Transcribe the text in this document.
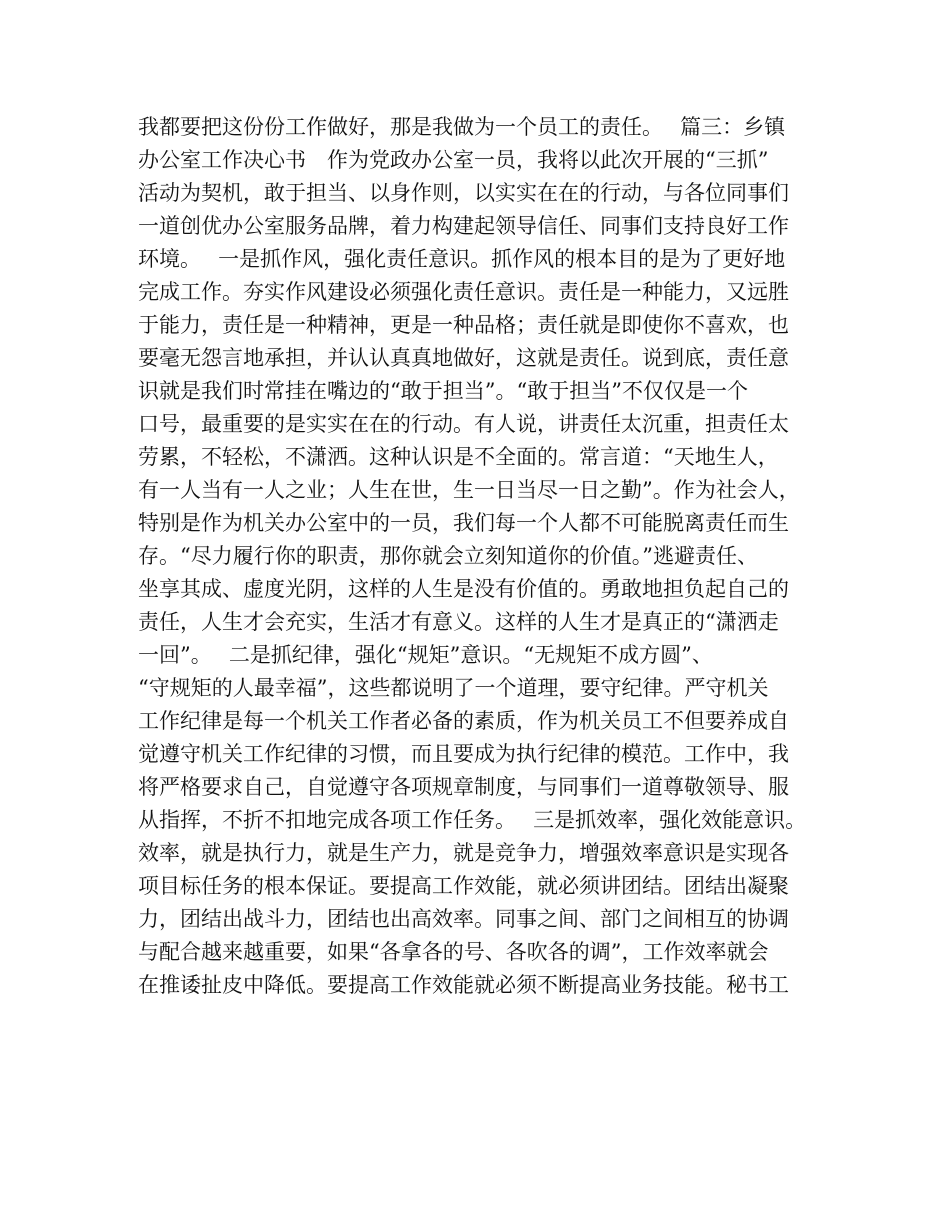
我都要把这份份工作做好，那是我做为一个员工的责任。　 篇三：乡镇
办公室工作决心书　作为党政办公室一员，我将以此次开展的“三抓”
活动为契机，敢于担当、以身作则，以实实在在的行动，与各位同事们
一道创优办公室服务品牌，着力构建起领导信任、同事们支持良好工作
环境。　 一是抓作风，强化责任意识。抓作风的根本目的是为了更好地
完成工作。夯实作风建设必须强化责任意识。责任是一种能力，又远胜
于能力，责任是一种精神，更是一种品格；责任就是即使你不喜欢，也
要毫无怨言地承担，并认认真真地做好，这就是责任。说到底，责任意
识就是我们时常挂在嘴边的“敢于担当”。“敢于担当”不仅仅是一个
口号，最重要的是实实在在的行动。有人说，讲责任太沉重，担责任太
劳累，不轻松，不潇洒。这种认识是不全面的。常言道：“天地生人，
有一人当有一人之业；人生在世，生一日当尽一日之勤”。作为社会人，
特别是作为机关办公室中的一员，我们每一个人都不可能脱离责任而生
存。“尽力履行你的职责，那你就会立刻知道你的价值。”逃避责任、
坐享其成、虚度光阴，这样的人生是没有价值的。勇敢地担负起自己的
责任，人生才会充实，生活才有意义。这样的人生才是真正的“潇洒走
一回”。　 二是抓纪律，强化“规矩”意识。“无规矩不成方圆”、
“守规矩的人最幸福”，这些都说明了一个道理，要守纪律。严守机关
工作纪律是每一个机关工作者必备的素质，作为机关员工不但要养成自
觉遵守机关工作纪律的习惯，而且要成为执行纪律的模范。工作中，我
将严格要求自己，自觉遵守各项规章制度，与同事们一道尊敬领导、服
从指挥，不折不扣地完成各项工作任务。　 三是抓效率，强化效能意识。
效率，就是执行力，就是生产力，就是竞争力，增强效率意识是实现各
项目标任务的根本保证。要提高工作效能，就必须讲团结。团结出凝聚
力，团结出战斗力，团结也出高效率。同事之间、部门之间相互的协调
与配合越来越重要，如果“各拿各的号、各吹各的调”，工作效率就会
在推诿扯皮中降低。要提高工作效能就必须不断提高业务技能。秘书工
